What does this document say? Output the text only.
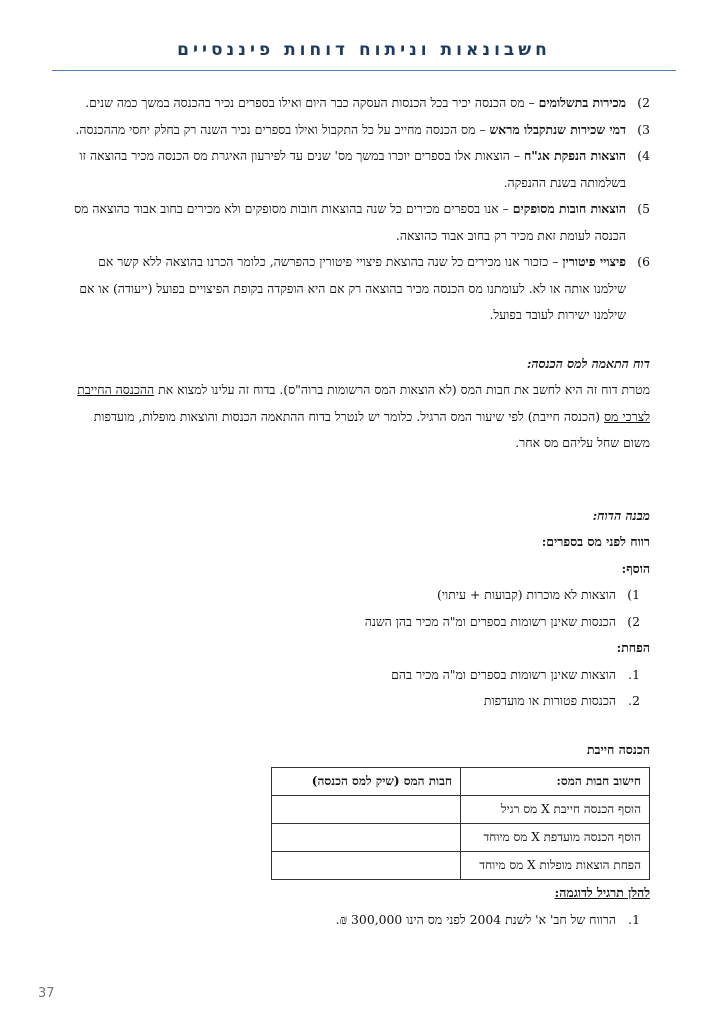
חשבונאות וניתוח דוחות פיננסיים
2)
מכירות בתשלומים – מס הכנסה יכיר בכל הכנסות העסקה כבר היום ואילו בספרים נכיר בהכנסה במשך כמה שנים.
3)
דמי שכירות שנתקבלו מראש – מס הכנסה מחייב על כל התקבול ואילו בספרים נכיר השנה רק בחלק יחסי מההכנסה.
4)
הוצאות הנפקת אג"ח – הוצאות אלו בספרים יוכרו במשך מס' שנים עד לפירעון האיגרת מס הכנסה מכיר בהוצאה זו בשלמותה בשנת ההנפקה.
5)
הוצאות חובות מסופקים – אנו בספרים מכירים כל שנה בהוצאות חובות מסופקים ולא מכירים בחוב אבוד כהוצאה מס הכנסה לעומת זאת מכיר רק בחוב אבוד כהוצאה.
6)
פיצויי פיטורין – כזכור אנו מכירים כל שנה בהוצאת פיצויי פיטורין כהפרשה, כלומר הכרנו בהוצאה ללא קשר אם שילמנו אותה או לא. לעומתנו מס הכנסה מכיר בהוצאה רק אם היא הופקדה בקופת הפיצויים בפועל (ייעודה) או אם שילמנו ישירות לעובד בפועל.
דוח התאמה למס הכנסה:
מטרת דוח זה היא לחשב את חבות המס (לא הוצאות המס הרשומות ברוה"ס). בדוח זה עלינו למצוא את ההכנסה החייבת לצרכי מס (הכנסה חייבת) לפי שיעור המס הרגיל. כלומר יש לנטרל בדוח ההתאמה הכנסות והוצאות מופלות, מועדפות משום שחל עליהם מס אחר.
מבנה הדוח:
רווח לפני מס בספרים:
הוסף:
1)
הוצאות לא מוכרות (קבועות + עיתוי)
2)
הכנסות שאינן רשומות בספרים ומ"ה מכיר בהן השנה
הפחת:
1.
הוצאות שאינן רשומות בספרים ומ"ה מכיר בהם
2.
הכנסות פטורות או מועדפות
הכנסה חייבת
חישוב חבות המס:	חבות המס (שיק למס הכנסה)
הוסף הכנסה חייבת X מס רגיל	
הוסף הכנסה מועדפת X מס מיוחד	
הפחת הוצאות מופלות X מס מיוחד	
להלן תרגיל לדוגמה:
1.
הרווח של חב' א' לשנת 2004 לפני מס הינו 300,000 ₪.
37
